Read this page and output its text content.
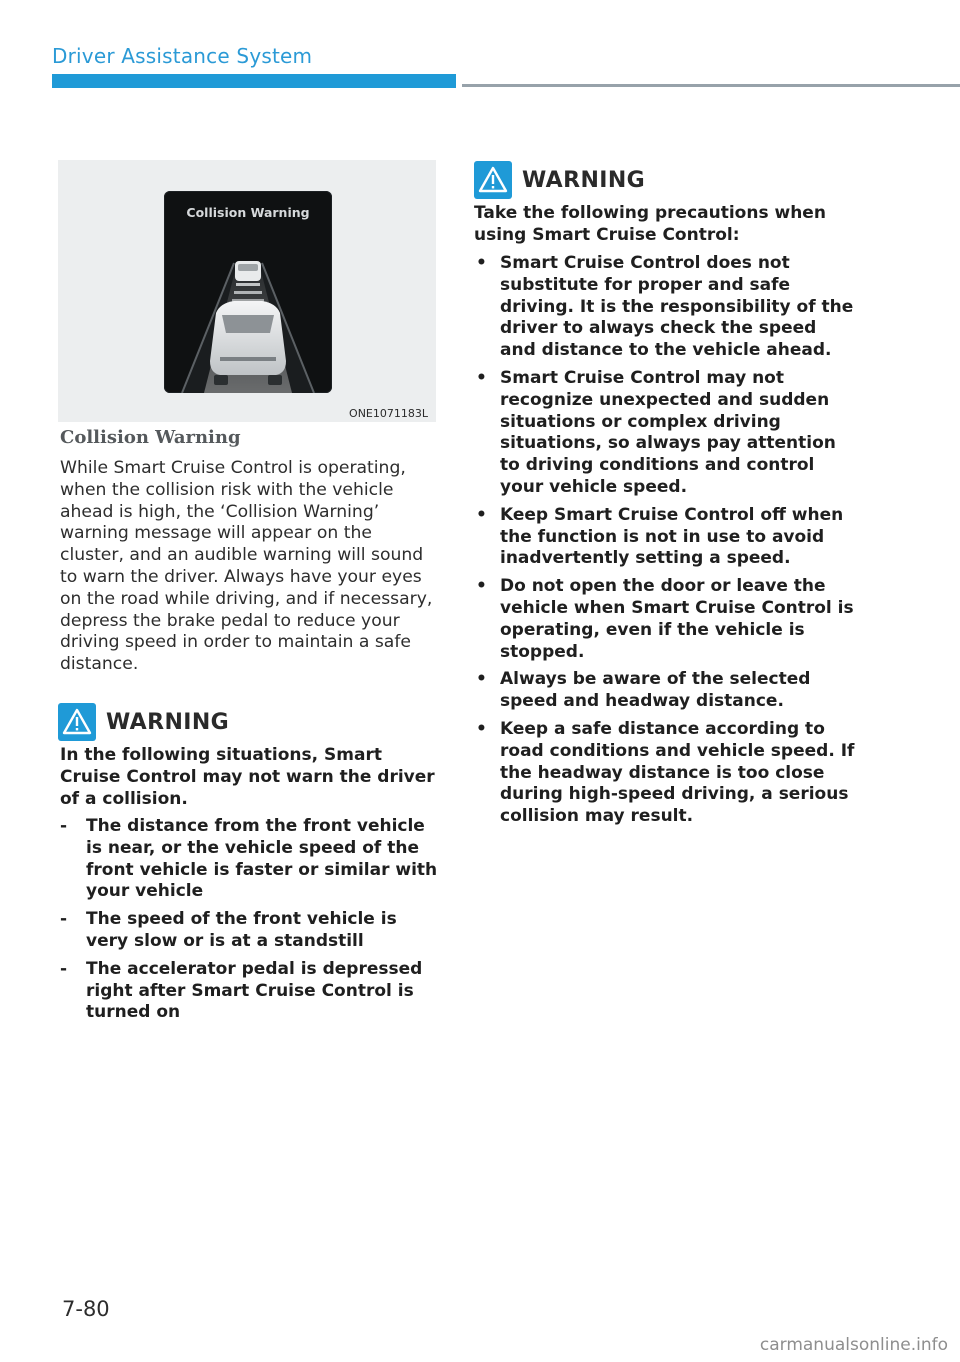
Driver Assistance System
Collision Warning
ONE1071183L
Collision Warning
While Smart Cruise Control is operating, when the collision risk with the vehicle ahead is high, the ‘Collision Warning’ warning message will appear on the cluster, and an audible warning will sound to warn the driver. Always have your eyes on the road while driving, and if necessary, depress the brake pedal to reduce your driving speed in order to maintain a safe distance.
WARNING
In the following situations, Smart Cruise Control may not warn the driver of a collision.
- The distance from the front vehicle is near, or the vehicle speed of the front vehicle is faster or similar with your vehicle
- The speed of the front vehicle is very slow or is at a standstill
- The accelerator pedal is depressed right after Smart Cruise Control is turned on
WARNING
Take the following precautions when using Smart Cruise Control:
• Smart Cruise Control does not substitute for proper and safe driving. It is the responsibility of the driver to always check the speed and distance to the vehicle ahead.
• Smart Cruise Control may not recognize unexpected and sudden situations or complex driving situations, so always pay attention to driving conditions and control your vehicle speed.
• Keep Smart Cruise Control off when the function is not in use to avoid inadvertently setting a speed.
• Do not open the door or leave the vehicle when Smart Cruise Control is operating, even if the vehicle is stopped.
• Always be aware of the selected speed and headway distance.
• Keep a safe distance according to road conditions and vehicle speed. If the headway distance is too close during high-speed driving, a serious collision may result.
7-80
carmanualsonline.info
